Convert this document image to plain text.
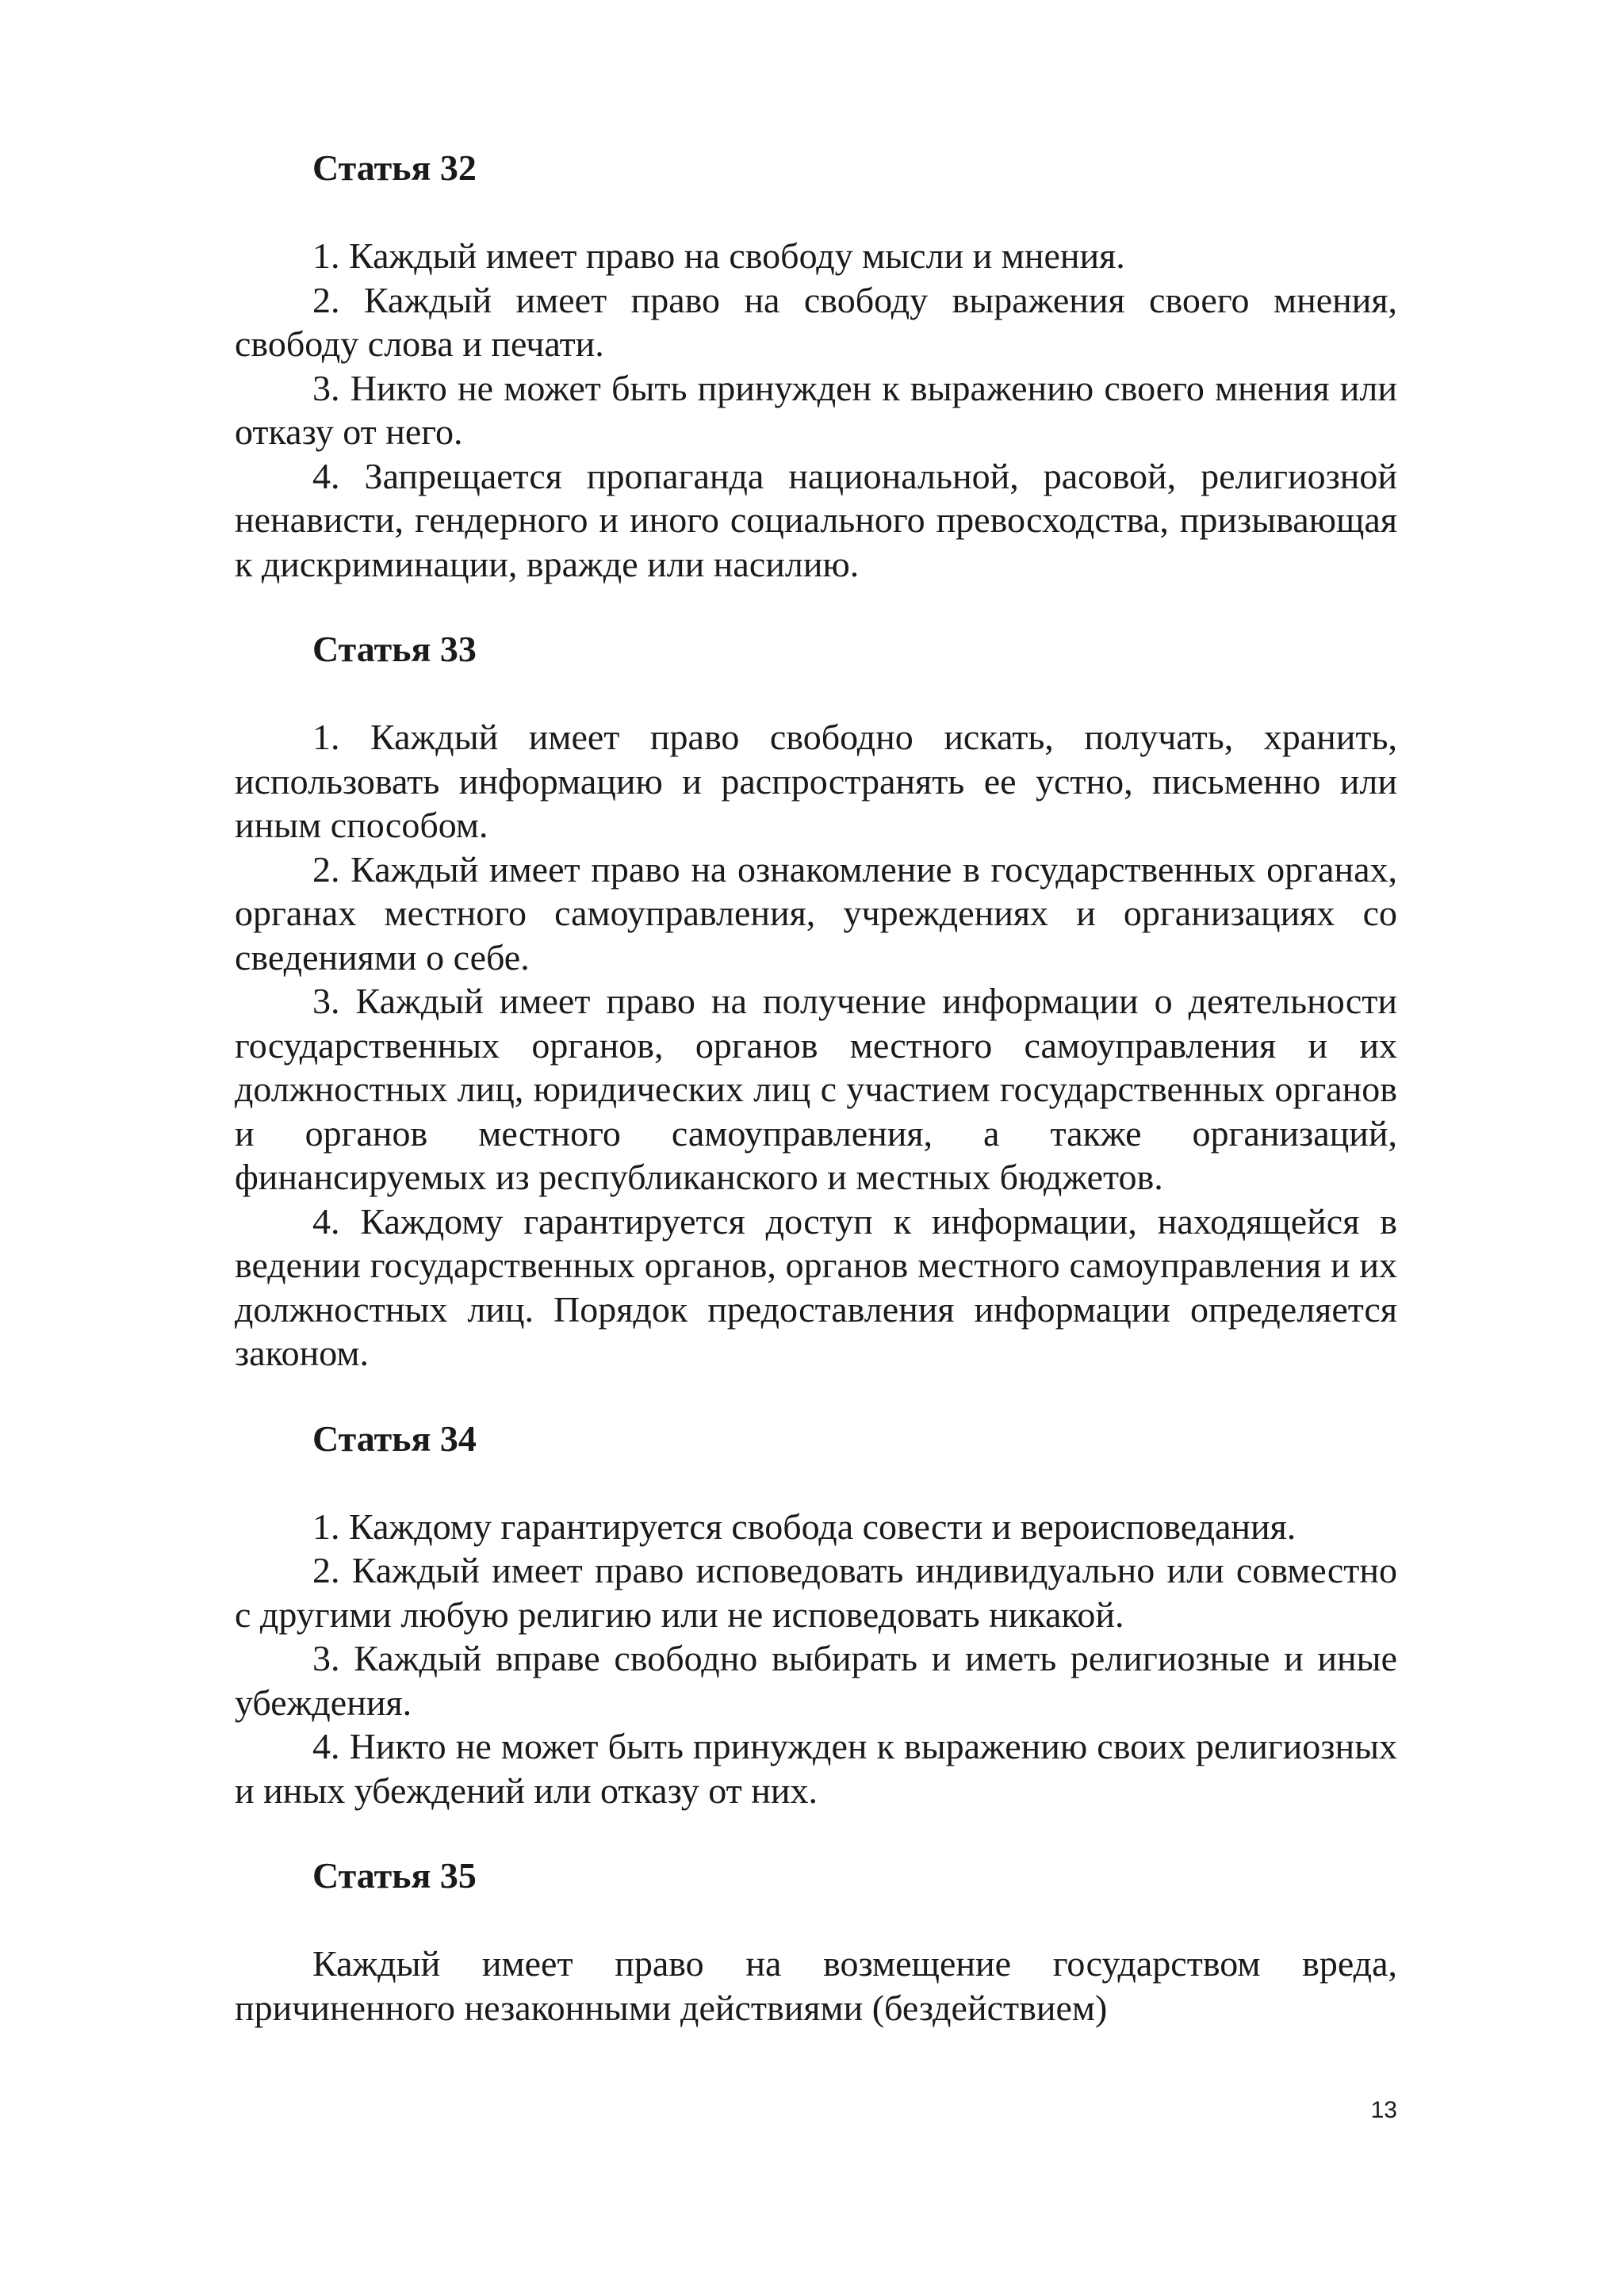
Статья 32

1. Каждый имеет право на свободу мысли и мнения.

2. Каждый имеет право на свободу выражения своего мнения, свободу слова и печати.

3. Никто не может быть принужден к выражению своего мнения или отказу от него.

4. Запрещается пропаганда национальной, расовой, религиозной ненависти, гендерного и иного социального превосходства, призывающая к дискриминации, вражде или насилию.

Статья 33

1. Каждый имеет право свободно искать, получать, хранить, использовать информацию и распространять ее устно, письменно или иным способом.

2. Каждый имеет право на ознакомление в государственных органах, органах местного самоуправления, учреждениях и организациях со сведениями о себе.

3. Каждый имеет право на получение информации о деятельности государственных органов, органов местного самоуправления и их должностных лиц, юридических лиц с участием государственных органов и органов местного самоуправления, а также организаций, финансируемых из республиканского и местных бюджетов.

4. Каждому гарантируется доступ к информации, находящейся в ведении государственных органов, органов местного самоуправления и их должностных лиц. Порядок предоставления информации определяется законом.

Статья 34

1. Каждому гарантируется свобода совести и вероисповедания.

2. Каждый имеет право исповедовать индивидуально или совместно с другими любую религию или не исповедовать никакой.

3. Каждый вправе свободно выбирать и иметь религиозные и иные убеждения.

4. Никто не может быть принужден к выражению своих религиозных и иных убеждений или отказу от них.

Статья 35

Каждый имеет право на возмещение государством вреда, причиненного незаконными действиями (бездействием)

13
